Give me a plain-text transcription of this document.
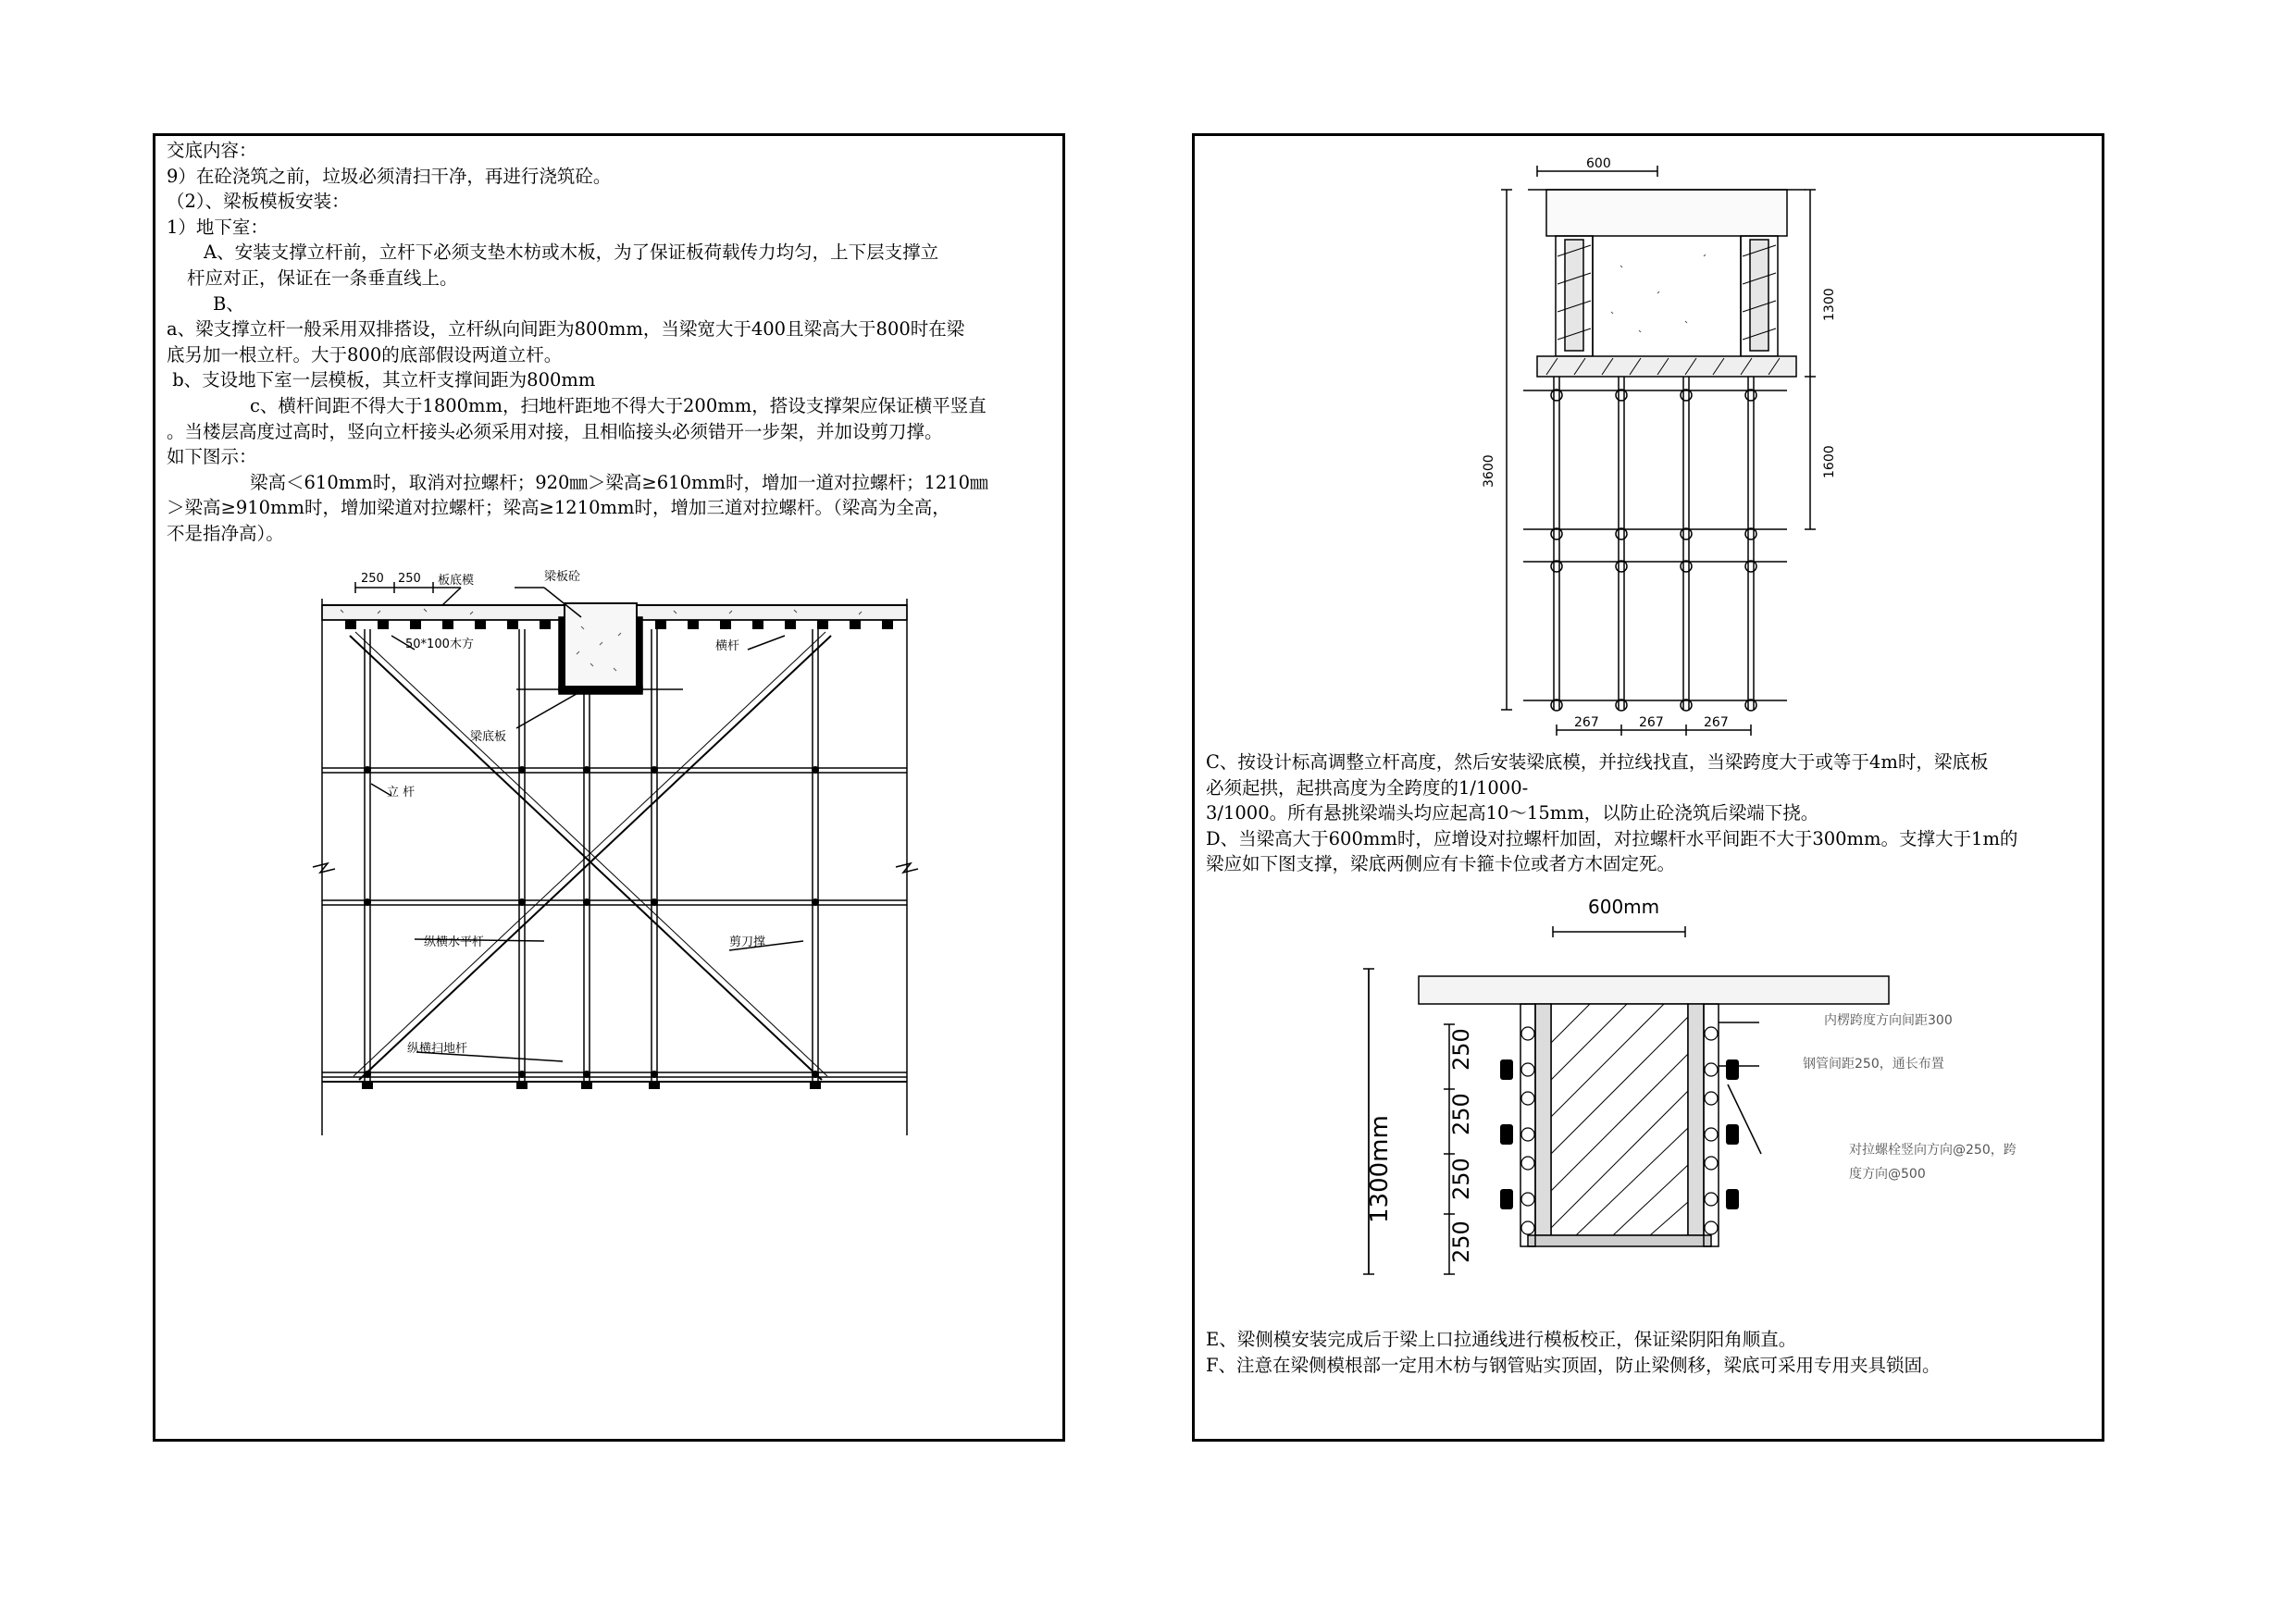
交底内容：

9）在砼浇筑之前，垃圾必须清扫干净，再进行浇筑砼。

（2）、梁板模板安装：

1）地下室：

A、安装支撑立杆前，立杆下必须支垫木枋或木板，为了保证板荷载传力均匀，上下层支撑立

杆应对正，保证在一条垂直线上。

B、

a、梁支撑立杆一般采用双排搭设，立杆纵向间距为800mm，当梁宽大于400且梁高大于800时在梁

底另加一根立杆。大于800的底部假设两道立杆。

b、支设地下室一层模板，其立杆支撑间距为800mm

c、横杆间距不得大于1800mm，扫地杆距地不得大于200mm，搭设支撑架应保证横平竖直

。当楼层高度过高时，竖向立杆接头必须采用对接，且相临接头必须错开一步架，并加设剪刀撑。

如下图示：

梁高＜610mm时，取消对拉螺杆；920㎜＞梁高≥610mm时，增加一道对拉螺杆；1210㎜

＞梁高≥910mm时，增加梁道对拉螺杆；梁高≥1210mm时，增加三道对拉螺杆。（梁高为全高，

不是指净高）。

250 250 板底模	梁板砼
50*100木方	横杆
梁底板
立 杆
纵横水平杆	剪刀撑
纵横扫地杆
600
1300
3600	1600
267	267	267

C、按设计标高调整立杆高度，然后安装梁底模，并拉线找直，当梁跨度大于或等于4m时，梁底板

必须起拱，起拱高度为全跨度的1/1000-

3/1000。所有悬挑梁端头均应起高10～15mm，以防止砼浇筑后梁端下挠。

D、当梁高大于600mm时，应增设对拉螺杆加固，对拉螺杆水平间距不大于300mm。支撑大于1m的

梁应如下图支撑，梁底两侧应有卡箍卡位或者方木固定死。

600mm
1300mm
250
250
250
250
内楞跨度方向间距300
钢管间距250，通长布置
对拉螺栓竖向方向@250，跨
度方向@500

E、梁侧模安装完成后于梁上口拉通线进行模板校正，保证梁阴阳角顺直。

F、注意在梁侧模根部一定用木枋与钢管贴实顶固，防止梁侧移，梁底可采用专用夹具锁固。
